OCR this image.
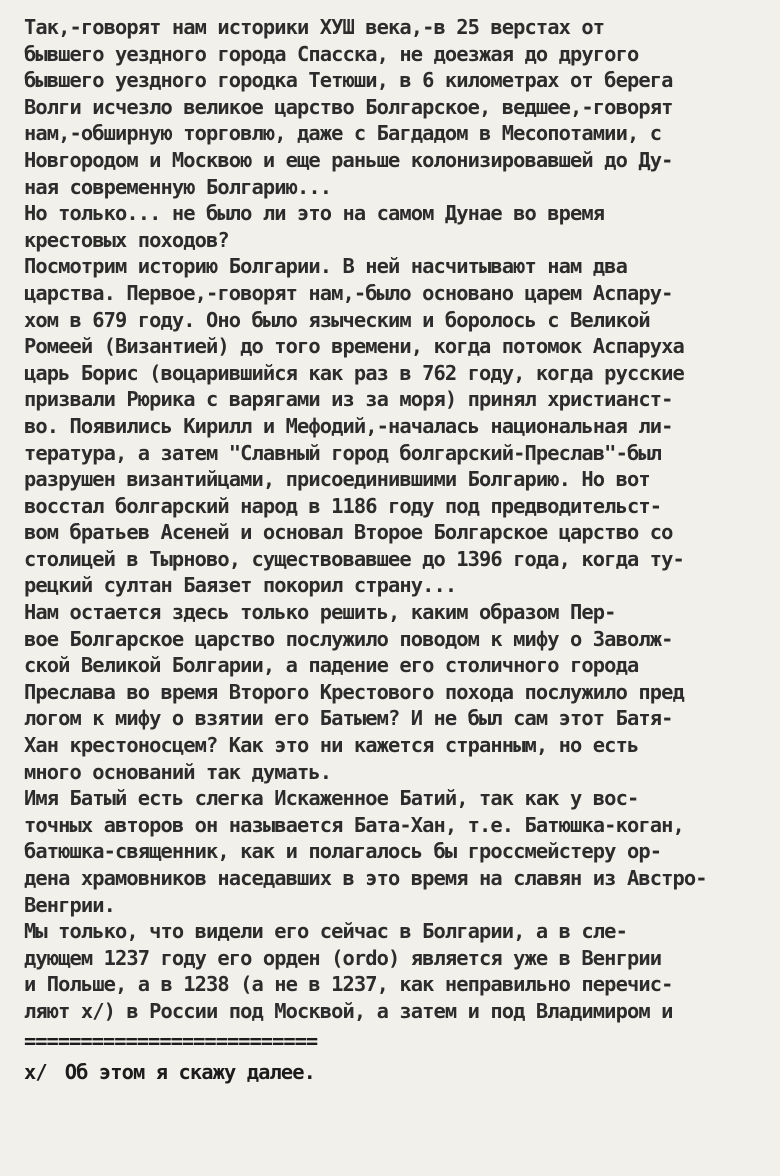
Так,-говорят нам историки ХУШ века,-в 25 верстах от
бывшего уездного города Спасска, не доезжая до другого
бывшего уездного городка Тетюши, в 6 километрах от берега
Волги исчезло великое царство Болгарское, ведшее,-говорят
нам,-обширную торговлю, даже с Багдадом в Месопотамии, с
Новгородом и Москвою и еще раньше колонизировавшей до Ду-
ная современную Болгарию...

Но только... не было ли это на самом Дунае во время
крестовых походов?

Посмотрим историю Болгарии. В ней насчитывают нам два
царства. Первое,-говорят нам,-было основано царем Аспару-
хом в 679 году. Оно было языческим и боролось с Великой
Ромеей (Византией) до того времени, когда потомок Аспаруха
царь Борис (воцарившийся как раз в 762 году, когда русские
призвали Рюрика с варягами из за моря) принял христианст-
во. Появились Кирилл и Мефодий,-началась национальная ли-
тература, а затем "Славный город болгарский-Преслав"-был
разрушен византийцами, присоединившими Болгарию. Но вот
восстал болгарский народ в 1186 году под предводительст-
вом братьев Асеней и основал Второе Болгарское царство со
столицей в Тырново, существовавшее до 1396 года, когда ту-
рецкий султан Баязет покорил страну...

Нам остается здесь только решить, каким образом Пер-
вое Болгарское царство послужило поводом к мифу о Заволж-
ской Великой Болгарии, а падение его столичного города
Преслава во время Второго Крестового похода послужило пред
логом к мифу о взятии его Батыем? И не был сам этот Батя-
Хан крестоносцем? Как это ни кажется странным, но есть
много оснований так думать.

Имя Батый есть слегка Искаженное Батий, так как у вос-
точных авторов он называется Бата-Хан, т.е. Батюшка-коган,
батюшка-священник, как и полагалось бы гроссмейстеру ор-
дена храмовников наседавших в это время на славян из Австро-
Венгрии.

Мы только, что видели его сейчас в Болгарии, а в сле-
дующем 1237 году его орден (ordo) является уже в Венгрии
и Польше, а в 1238 (а не в 1237, как неправильно перечис-
ляют x/) в России под Москвой, а затем и под Владимиром и

==========================
x/ Об этом я скажу далее.
